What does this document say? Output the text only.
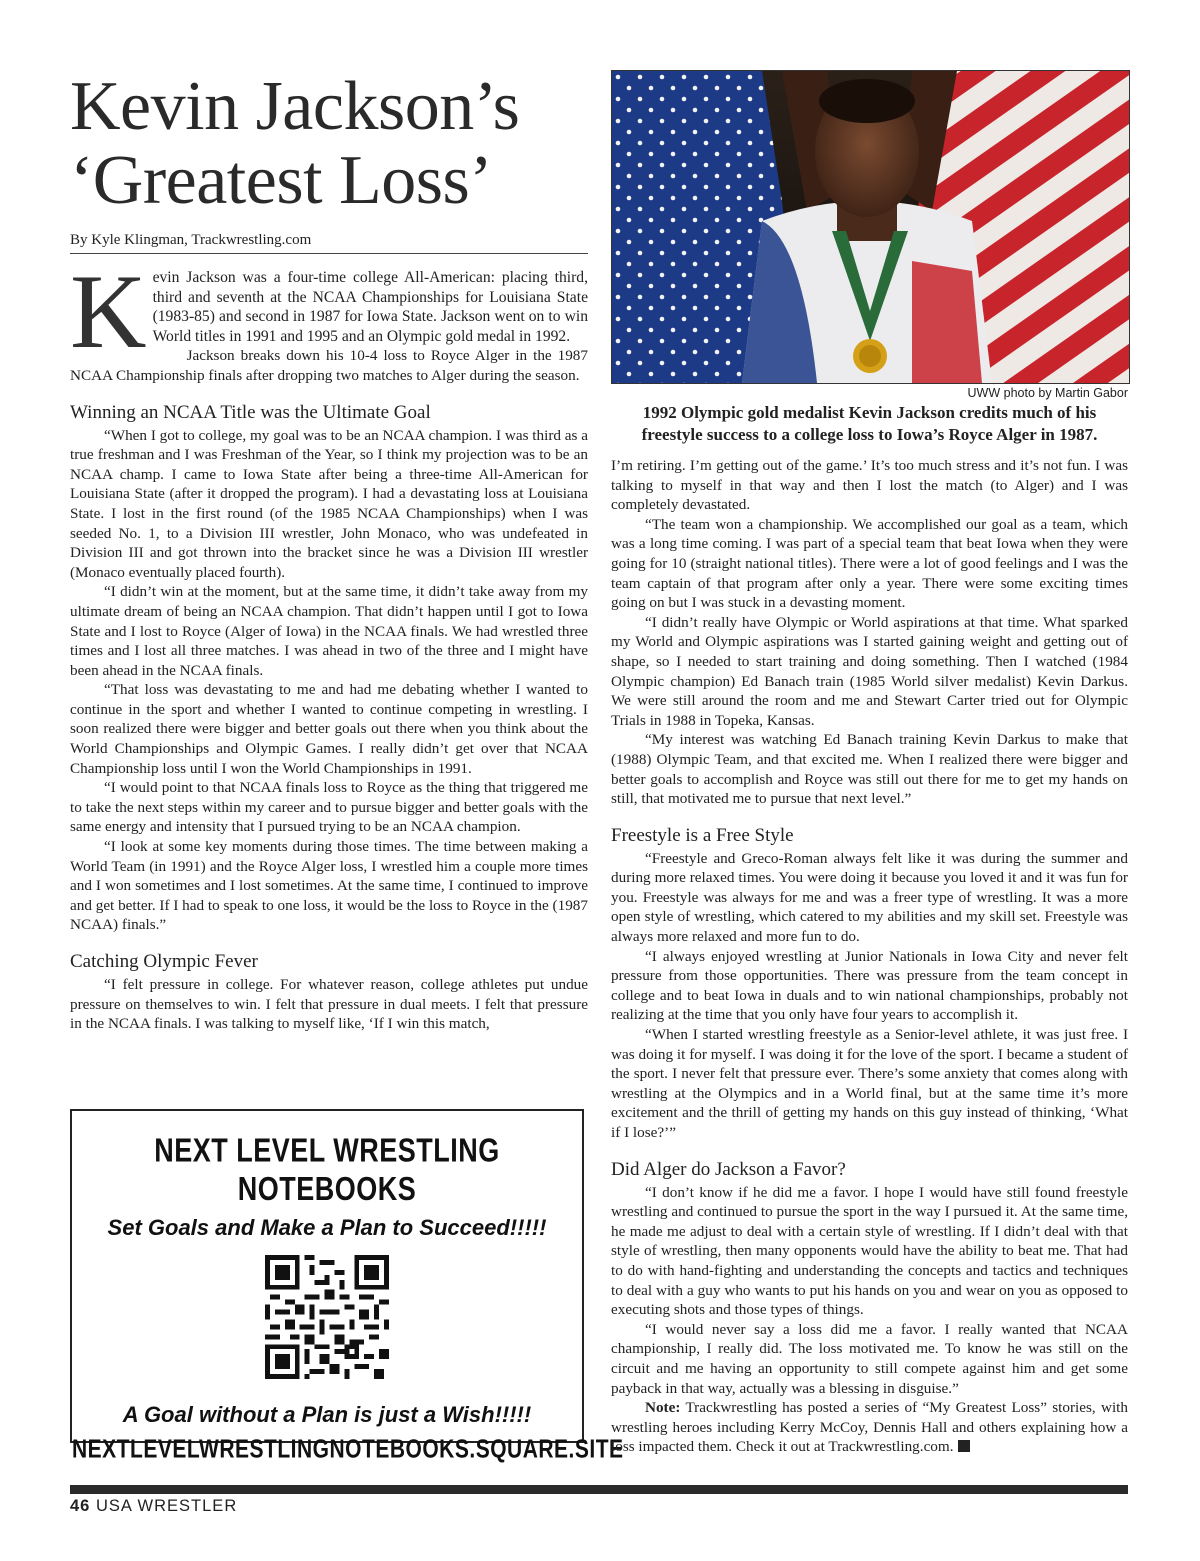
Kevin Jackson’s
‘Greatest Loss’
By Kyle Klingman, Trackwrestling.com

Kevin Jackson was a four-time college All-American: placing third, third and seventh at the NCAA Championships for Louisiana State (1983-85) and second in 1987 for Iowa State. Jackson went on to win World titles in 1991 and 1995 and an Olympic gold medal in 1992.

Jackson breaks down his 10-4 loss to Royce Alger in the 1987 NCAA Championship finals after dropping two matches to Alger during the season.

Winning an NCAA Title was the Ultimate Goal

“When I got to college, my goal was to be an NCAA champion. I was third as a true freshman and I was Freshman of the Year, so I think my projection was to be an NCAA champ. I came to Iowa State after being a three-time All-American for Louisiana State (after it dropped the program). I had a devastating loss at Louisiana State. I lost in the first round (of the 1985 NCAA Championships) when I was seeded No. 1, to a Division III wrestler, John Monaco, who was undefeated in Division III and got thrown into the bracket since he was a Division III wrestler (Monaco eventually placed fourth).

“I didn’t win at the moment, but at the same time, it didn’t take away from my ultimate dream of being an NCAA champion. That didn’t happen until I got to Iowa State and I lost to Royce (Alger of Iowa) in the NCAA finals. We had wrestled three times and I lost all three matches. I was ahead in two of the three and I might have been ahead in the NCAA finals.

“That loss was devastating to me and had me debating whether I wanted to continue in the sport and whether I wanted to continue competing in wrestling. I soon realized there were bigger and better goals out there when you think about the World Championships and Olympic Games. I really didn’t get over that NCAA Championship loss until I won the World Championships in 1991.

“I would point to that NCAA finals loss to Royce as the thing that triggered me to take the next steps within my career and to pursue bigger and better goals with the same energy and intensity that I pursued trying to be an NCAA champion.

“I look at some key moments during those times. The time between making a World Team (in 1991) and the Royce Alger loss, I wrestled him a couple more times and I won sometimes and I lost sometimes. At the same time, I continued to improve and get better. If I had to speak to one loss, it would be the loss to Royce in the (1987 NCAA) finals.”

Catching Olympic Fever

“I felt pressure in college. For whatever reason, college athletes put undue pressure on themselves to win. I felt that pressure in dual meets. I felt that pressure in the NCAA finals. I was talking to myself like, ‘If I win this match,

NEXT LEVEL WRESTLING NOTEBOOKS
Set Goals and Make a Plan to Succeed!!!!!
A Goal without a Plan is just a Wish!!!!!
NEXTLEVELWRESTLINGNOTEBOOKS.SQUARE.SITE
UWW photo by Martin Gabor
1992 Olympic gold medalist Kevin Jackson credits much of his freestyle success to a college loss to Iowa’s Royce Alger in 1987.

I’m retiring. I’m getting out of the game.’ It’s too much stress and it’s not fun. I was talking to myself in that way and then I lost the match (to Alger) and I was completely devastated.

“The team won a championship. We accomplished our goal as a team, which was a long time coming. I was part of a special team that beat Iowa when they were going for 10 (straight national titles). There were a lot of good feelings and I was the team captain of that program after only a year. There were some exciting times going on but I was stuck in a devasting moment.

“I didn’t really have Olympic or World aspirations at that time. What sparked my World and Olympic aspirations was I started gaining weight and getting out of shape, so I needed to start training and doing something. Then I watched (1984 Olympic champion) Ed Banach train (1985 World silver medalist) Kevin Darkus. We were still around the room and me and Stewart Carter tried out for Olympic Trials in 1988 in Topeka, Kansas.

“My interest was watching Ed Banach training Kevin Darkus to make that (1988) Olympic Team, and that excited me. When I realized there were bigger and better goals to accomplish and Royce was still out there for me to get my hands on still, that motivated me to pursue that next level.”

Freestyle is a Free Style

“Freestyle and Greco-Roman always felt like it was during the summer and during more relaxed times. You were doing it because you loved it and it was fun for you. Freestyle was always for me and was a freer type of wrestling. It was a more open style of wrestling, which catered to my abilities and my skill set. Freestyle was always more relaxed and more fun to do.

“I always enjoyed wrestling at Junior Nationals in Iowa City and never felt pressure from those opportunities. There was pressure from the team concept in college and to beat Iowa in duals and to win national championships, probably not realizing at the time that you only have four years to accomplish it.

“When I started wrestling freestyle as a Senior-level athlete, it was just free. I was doing it for myself. I was doing it for the love of the sport. I became a student of the sport. I never felt that pressure ever. There’s some anxiety that comes along with wrestling at the Olympics and in a World final, but at the same time it’s more excitement and the thrill of getting my hands on this guy instead of thinking, ‘What if I lose?’”

Did Alger do Jackson a Favor?

“I don’t know if he did me a favor. I hope I would have still found freestyle wrestling and continued to pursue the sport in the way I pursued it. At the same time, he made me adjust to deal with a certain style of wrestling. If I didn’t deal with that style of wrestling, then many opponents would have the ability to beat me. That had to do with hand-fighting and understanding the concepts and tactics and techniques to deal with a guy who wants to put his hands on you and wear on you as opposed to executing shots and those types of things.

“I would never say a loss did me a favor. I really wanted that NCAA championship, I really did. The loss motivated me. To know he was still on the circuit and me having an opportunity to still compete against him and get some payback in that way, actually was a blessing in disguise.”

Note: Trackwrestling has posted a series of “My Greatest Loss” stories, with wrestling heroes including Kerry McCoy, Dennis Hall and others explaining how a loss impacted them. Check it out at Trackwrestling.com.

46 USA WRESTLER
